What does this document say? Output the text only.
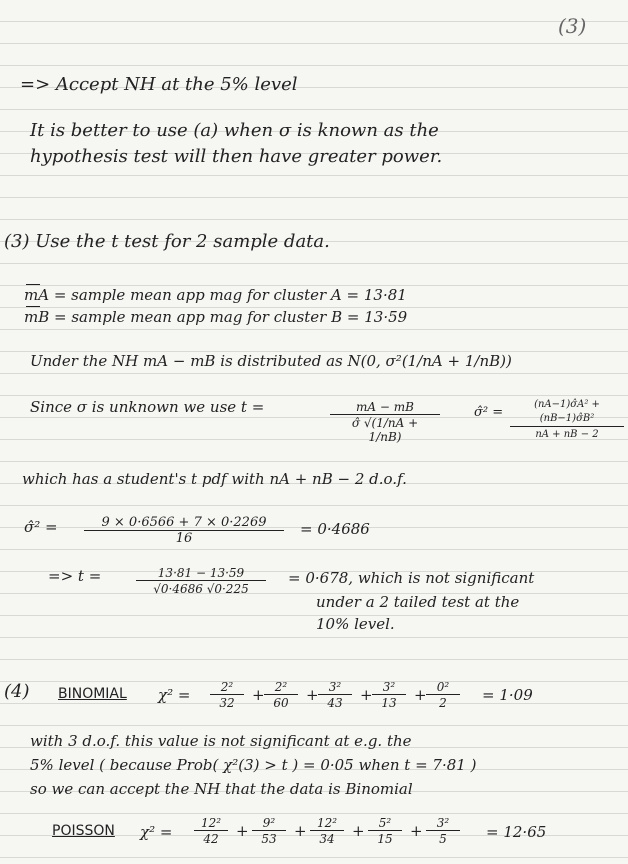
(3)
=> Accept NH at the 5% level
It is better to use (a) when σ is known as the
hypothesis test will then have greater power.
(3) Use the t test for 2 sample data.
mA = sample mean app mag for cluster A = 13·81
mB = sample mean app mag for cluster B = 13·59
Under the NH mA − mB is distributed as N(0, σ²(1/nA + 1/nB))
Since σ is unknown we use t =	$\frac{mA - mB}{\sigmâ √(1/nA + 1/nB)}$	σ̂² = $\frac{\text{(nA−1)σ̂A² + (nB−1)σ̂B²}}{nA + nB - 2}$
which has a student's t pdf with nA + nB − 2 d.o.f.
σ̂² = $\frac{9 \times 0\cdot 6566 + 7 \times 0\cdot 2269}{16} = 0\cdot 4686$
=> t =	$\frac{13\cdot 81 - 13\cdot 59}{√0\cdot 4686 √0\cdot 225} = 0\cdot 678$, which is not significant
under a 2 tailed test at the
10% level.
(4) BINOMIAL χ² =	= 1·09
with 3 d.o.f. this value is not significant at e.g. the
5% level ( because Prob( χ²(3) > t ) = 0·05 when t = 7·81 )
so we can accept the NH that the data is Binomial
POISSON χ² =	= 12·65
$\frac{\text{2²}}{32} + \frac{\text{2²}}{60} + \frac{\text{3²}}{43} + \frac{\text{3²}}{13} + \frac{\text{0²}}{2}$
$\frac{\text{12²}}{42} + \frac{\text{9²}}{53} + \frac{\text{12²}}{34} + \frac{\text{5²}}{15} + \frac{\text{3²}}{5}$
